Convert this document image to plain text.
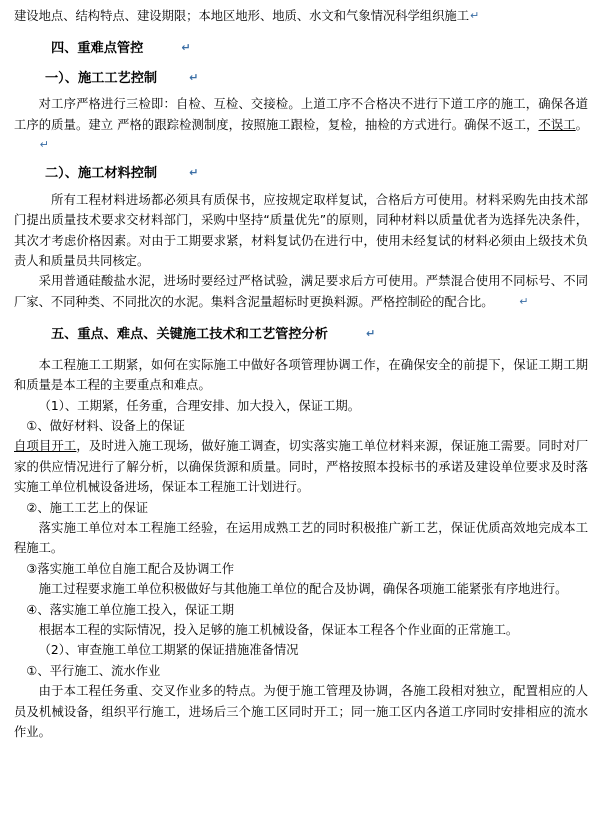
建设地点、结构特点、建设期限；本地区地形、地质、水文和气象情况科学组织施工↵

四、重难点管控	↵

一）、施工工艺控制	↵

对工序严格进行三检即：自检、互检、交接检。上道工序不合格决不进行下道工序的施工，确保各道工序的质量。建立 严格的跟踪检测制度，按照施工跟检，复检，抽检的方式进行。确保不返工，不误工。↵

二）、施工材料控制	↵

所有工程材料进场都必须具有质保书，应按规定取样复试，合格后方可使用。材料采购先由技术部门提出质量技术要求交材料部门，采购中坚持“质量优先”的原则，同种材料以质量优者为选择先决条件，其次才考虑价格因素。对由于工期要求紧，材料复试仍在进行中，使用未经复试的材料必须由上级技术负责人和质量员共同核定。

采用普通硅酸盐水泥，进场时要经过严格试验，满足要求后方可使用。严禁混合使用不同标号、不同厂家、不同种类、不同批次的水泥。集料含泥量超标时更换料源。严格控制砼的配合比。 ↵

五、重点、难点、关键施工技术和工艺管控分析	↵

本工程施工工期紧，如何在实际施工中做好各项管理协调工作，在确保安全的前提下，保证工期工期和质量是本工程的主要重点和难点。

（1）、工期紧，任务重，合理安排、加大投入，保证工期。

①、做好材料、设备上的保证

自项目开工，及时进入施工现场，做好施工调查，切实落实施工单位材料来源，保证施工需要。同时对厂家的供应情况进行了解分析，以确保货源和质量。同时，严格按照本投标书的承诺及建设单位要求及时落实施工单位机械设备进场，保证本工程施工计划进行。

②、施工工艺上的保证

落实施工单位对本工程施工经验，在运用成熟工艺的同时积极推广新工艺，保证优质高效地完成本工程施工。

③落实施工单位自施工配合及协调工作

施工过程要求施工单位积极做好与其他施工单位的配合及协调，确保各项施工能紧张有序地进行。

④、落实施工单位施工投入，保证工期

根据本工程的实际情况，投入足够的施工机械设备，保证本工程各个作业面的正常施工。

（2）、审查施工单位工期紧的保证措施准备情况

①、平行施工、流水作业

由于本工程任务重、交叉作业多的特点。为便于施工管理及协调，各施工段相对独立，配置相应的人员及机械设备，组织平行施工，进场后三个施工区同时开工；同一施工区内各道工序同时安排相应的流水作业。
